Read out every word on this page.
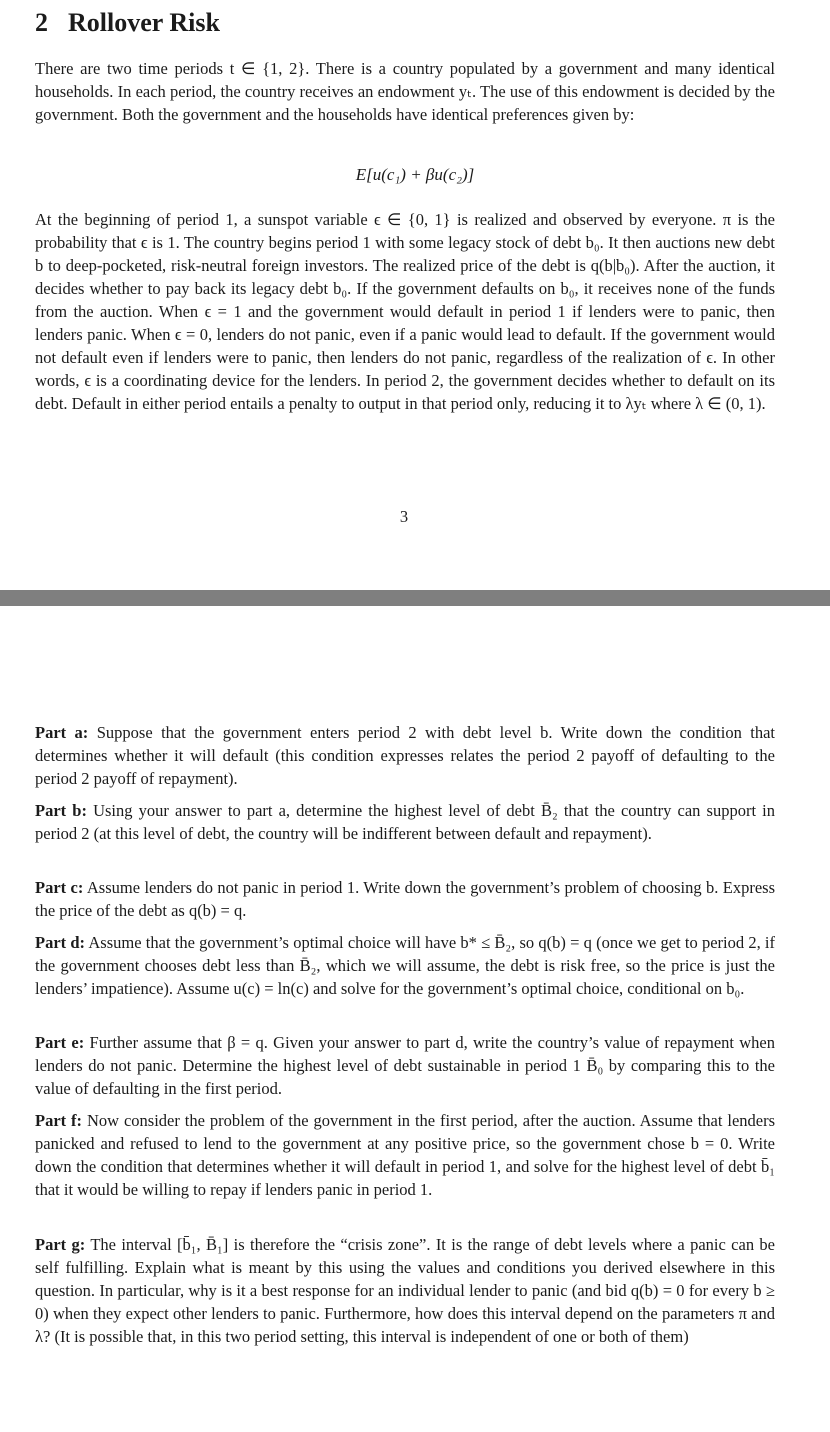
2 Rollover Risk

There are two time periods t ∈ {1, 2}. There is a country populated by a government and many identical households. In each period, the country receives an endowment yₜ. The use of this endowment is decided by the government. Both the government and the households have identical preferences given by:

E[u(c₁) + βu(c₂)]

At the beginning of period 1, a sunspot variable ϵ ∈ {0, 1} is realized and observed by everyone. π is the probability that ϵ is 1. The country begins period 1 with some legacy stock of debt b₀. It then auctions new debt b to deep-pocketed, risk-neutral foreign investors. The realized price of the debt is q(b|b₀). After the auction, it decides whether to pay back its legacy debt b₀. If the government defaults on b₀, it receives none of the funds from the auction. When ϵ = 1 and the government would default in period 1 if lenders were to panic, then lenders panic. When ϵ = 0, lenders do not panic, even if a panic would lead to default. If the government would not default even if lenders were to panic, then lenders do not panic, regardless of the realization of ϵ. In other words, ϵ is a coordinating device for the lenders. In period 2, the government decides whether to default on its debt. Default in either period entails a penalty to output in that period only, reducing it to λyₜ where λ ∈ (0, 1).

3

Part a: Suppose that the government enters period 2 with debt level b. Write down the condition that determines whether it will default (this condition expresses relates the period 2 payoff of defaulting to the period 2 payoff of repayment).

Part b: Using your answer to part a, determine the highest level of debt B̄₂ that the country can support in period 2 (at this level of debt, the country will be indifferent between default and repayment).

Part c: Assume lenders do not panic in period 1. Write down the government’s problem of choosing b. Express the price of the debt as q(b) = q.

Part d: Assume that the government’s optimal choice will have b* ≤ B̄₂, so q(b) = q (once we get to period 2, if the government chooses debt less than B̄₂, which we will assume, the debt is risk free, so the price is just the lenders’ impatience). Assume u(c) = ln(c) and solve for the government’s optimal choice, conditional on b₀.

Part e: Further assume that β = q. Given your answer to part d, write the country’s value of repayment when lenders do not panic. Determine the highest level of debt sustainable in period 1 B̄₀ by comparing this to the value of defaulting in the first period.

Part f: Now consider the problem of the government in the first period, after the auction. Assume that lenders panicked and refused to lend to the government at any positive price, so the government chose b = 0. Write down the condition that determines whether it will default in period 1, and solve for the highest level of debt b̄₁ that it would be willing to repay if lenders panic in period 1.

Part g: The interval [b̄₁, B̄₁] is therefore the “crisis zone”. It is the range of debt levels where a panic can be self fulfilling. Explain what is meant by this using the values and conditions you derived elsewhere in this question. In particular, why is it a best response for an individual lender to panic (and bid q(b) = 0 for every b ≥ 0) when they expect other lenders to panic. Furthermore, how does this interval depend on the parameters π and λ? (It is possible that, in this two period setting, this interval is independent of one or both of them)
